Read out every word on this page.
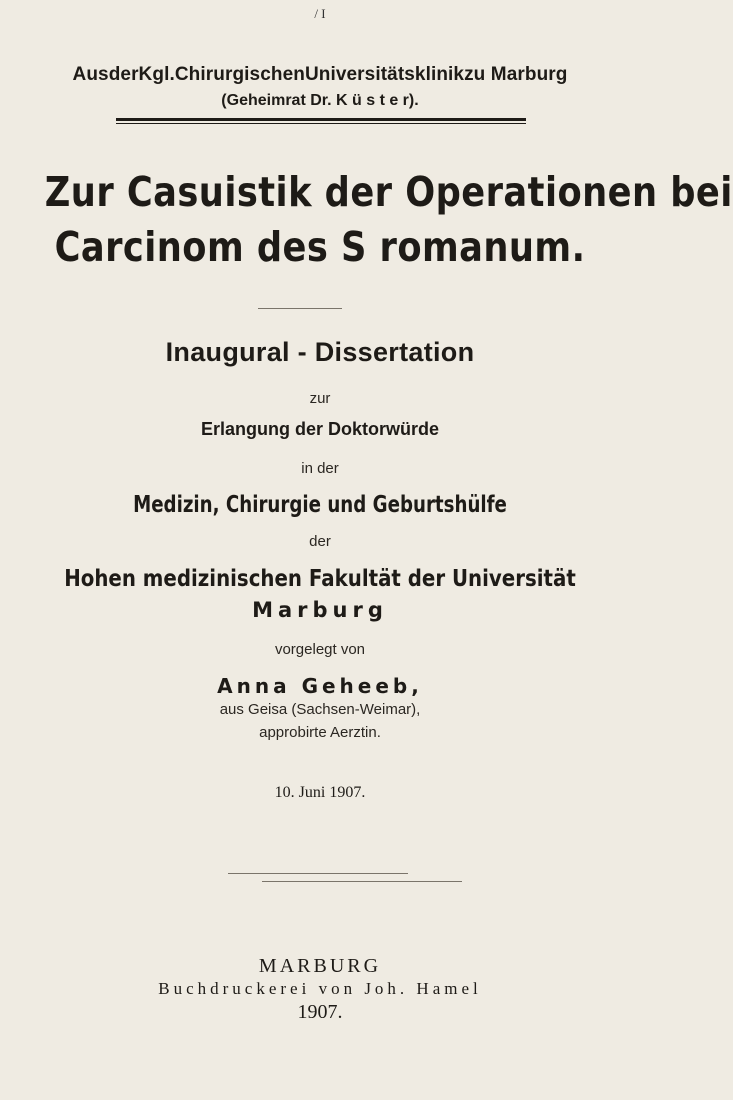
/ I
AusderKgl.ChirurgischenUniversitätsklinikzu Marburg
(Geheimrat Dr. K ü s t e r).
Zur Casuistik der Operationen bei
Carcinom des S romanum.
Inaugural - Dissertation
zur
Erlangung der Doktorwürde
in der
Medizin, Chirurgie und Geburtshülfe
der
Hohen medizinischen Fakultät der Universität
Marburg
vorgelegt von
Anna Geheeb,
aus Geisa (Sachsen-Weimar),
approbirte Aerztin.
10. Juni 1907.
MARBURG
Buchdruckerei von Joh. Hamel
1907.
